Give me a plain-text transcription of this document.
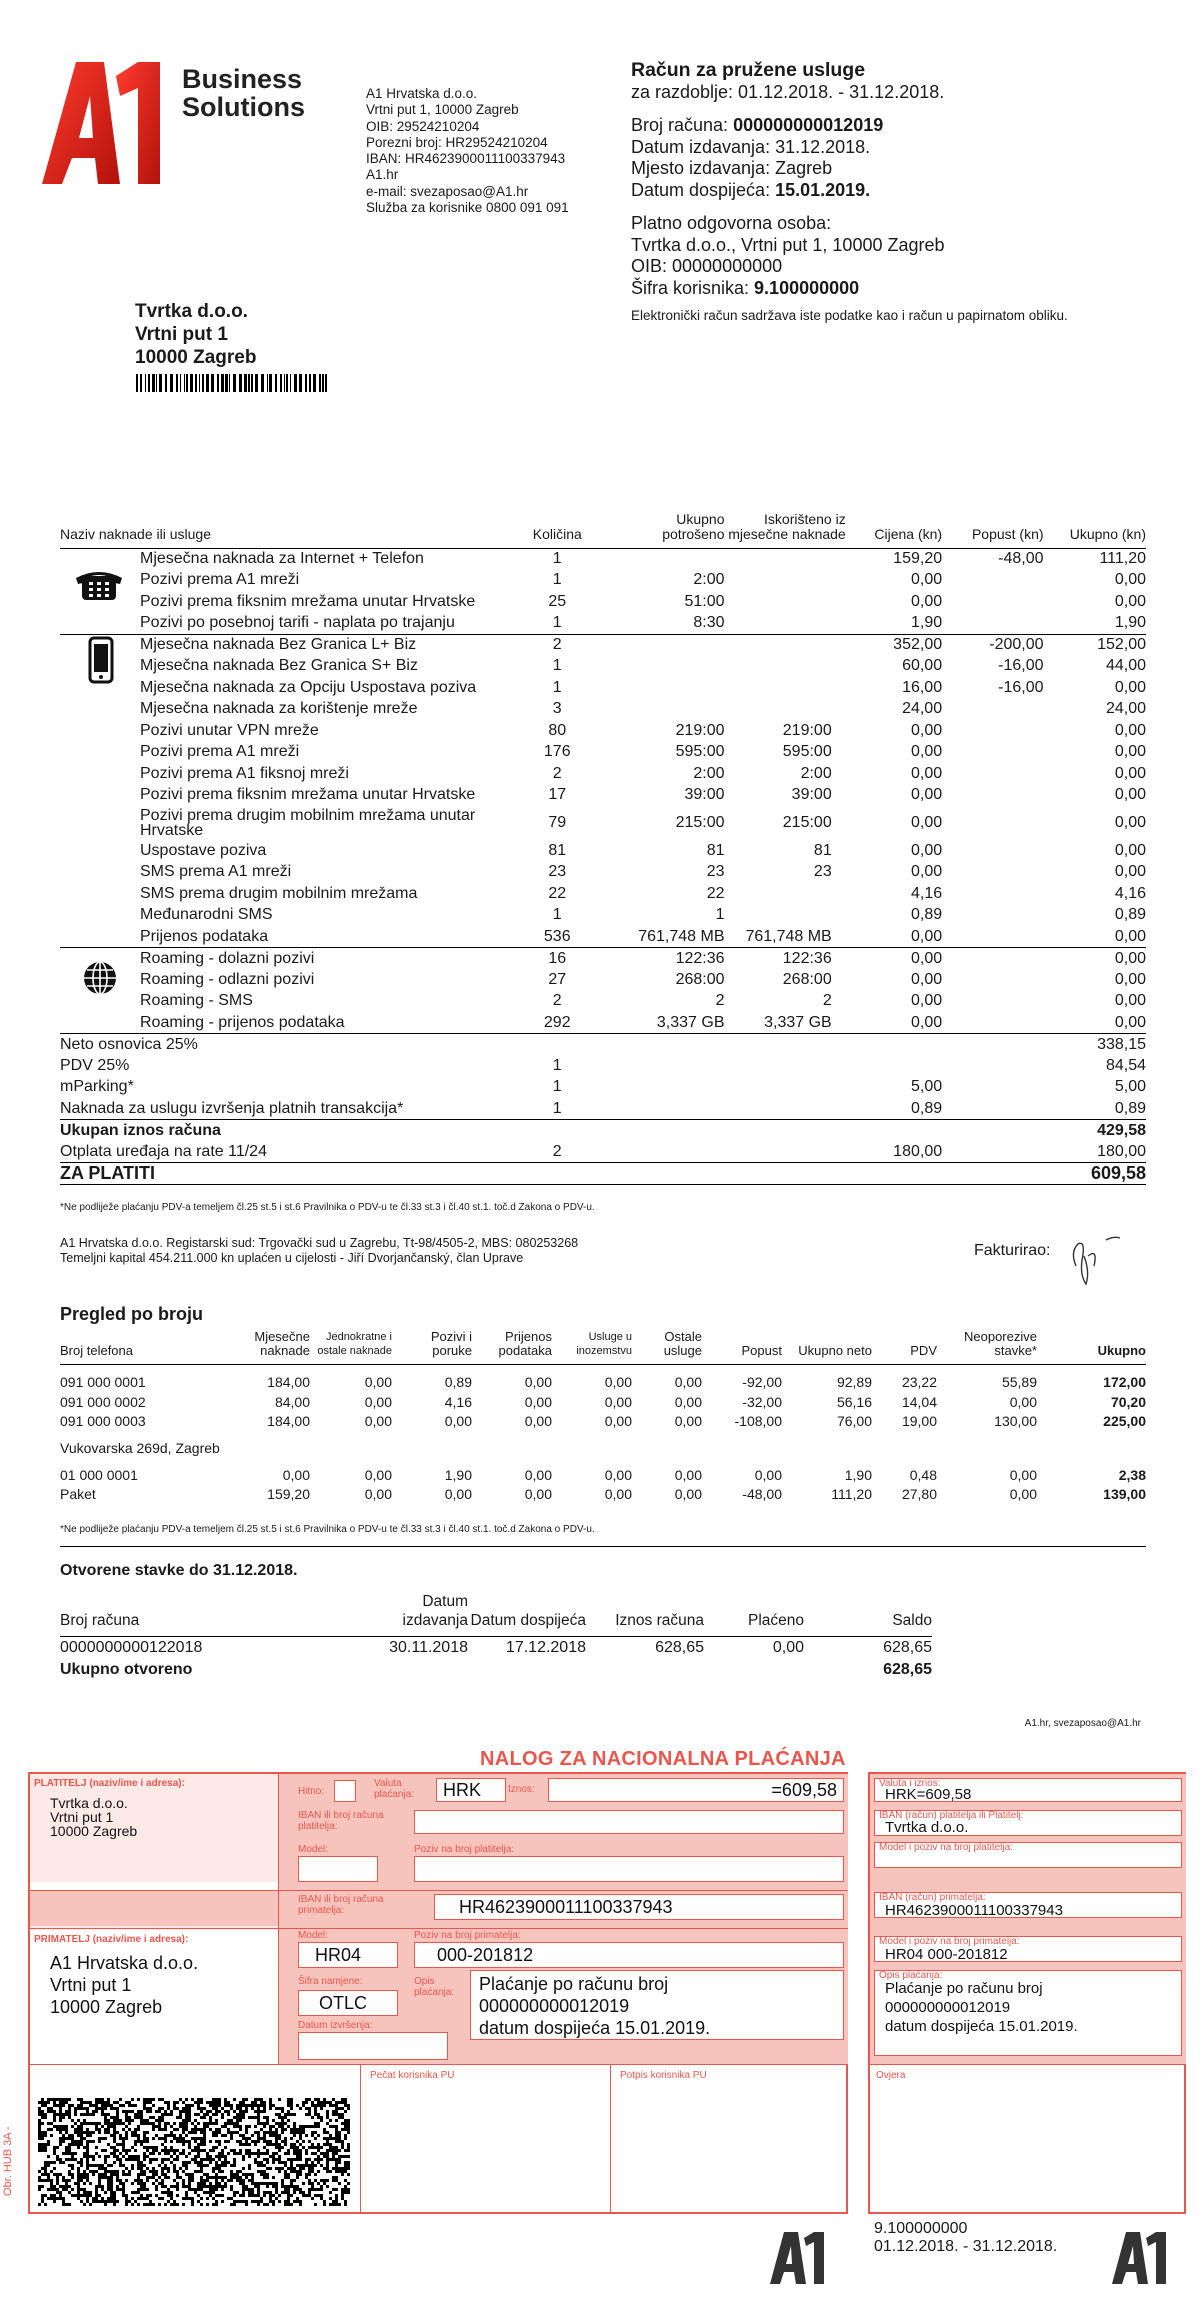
Business
Solutions	A1 Hrvatska d.o.o.
Vrtni put 1, 10000 Zagreb
OIB: 29524210204
Porezni broj: HR29524210204
IBAN: HR4623900011100337943
A1.hr
e-mail: svezaposao@A1.hr
Služba za korisnike 0800 091 091
Račun za pružene usluge
za razdoblje: 01.12.2018. - 31.12.2018.
Broj računa: 000000000012019
Datum izdavanja: 31.12.2018.
Mjesto izdavanja: Zagreb
Datum dospijeća: 15.01.2019.
Platno odgovorna osoba:
Tvrtka d.o.o., Vrtni put 1, 10000 Zagreb
OIB: 00000000000
Šifra korisnika: 9.100000000
Elektronički račun sadržava iste podatke kao i račun u papirnatom obliku.
Tvrtka d.o.o.
Vrtni put 1
10000 Zagreb
Naziv naknade ili usluge	Količina	Ukupno potrošeno	Iskorišteno iz mjesečne naknade	Cijena (kn)	Popust (kn)	Ukupno (kn)
Mjesečna naknada za Internet + Telefon	1			159,20	-48,00	111,20
Pozivi prema A1 mreži	1	2:00		0,00		0,00
Pozivi prema fiksnim mrežama unutar Hrvatske	25	51:00		0,00		0,00
Pozivi po posebnoj tarifi - naplata po trajanju	1	8:30		1,90		1,90
Mjesečna naknada Bez Granica L+ Biz	2			352,00	-200,00	152,00
Mjesečna naknada Bez Granica S+ Biz	1			60,00	-16,00	44,00
Mjesečna naknada za Opciju Uspostava poziva	1			16,00	-16,00	0,00
Mjesečna naknada za korištenje mreže	3			24,00		24,00
Pozivi unutar VPN mreže	80	219:00	219:00	0,00		0,00
Pozivi prema A1 mreži	176	595:00	595:00	0,00		0,00
Pozivi prema A1 fiksnoj mreži	2	2:00	2:00	0,00		0,00
Pozivi prema fiksnim mrežama unutar Hrvatske	17	39:00	39:00	0,00		0,00
Pozivi prema drugim mobilnim mrežama unutar Hrvatske	79	215:00	215:00	0,00		0,00
Uspostave poziva	81	81	81	0,00		0,00
SMS prema A1 mreži	23	23	23	0,00		0,00
SMS prema drugim mobilnim mrežama	22	22		4,16		4,16
Međunarodni SMS	1	1		0,89		0,89
Prijenos podataka	536	761,748 MB	761,748 MB	0,00		0,00
Roaming - dolazni pozivi	16	122:36	122:36	0,00		0,00
Roaming - odlazni pozivi	27	268:00	268:00	0,00		0,00
Roaming - SMS	2	2	2	0,00		0,00
Roaming - prijenos podataka	292	3,337 GB	3,337 GB	0,00		0,00
Neto osnovica 25%						338,15
PDV 25%	1					84,54
mParking*	1			5,00		5,00
Naknada za uslugu izvršenja platnih transakcija*	1			0,89		0,89
Ukupan iznos računa						429,58
Otplata uređaja na rate 11/24	2			180,00		180,00
ZA PLATITI						609,58
*Ne podliježe plaćanju PDV-a temeljem čl.25 st.5 i st.6 Pravilnika o PDV-u te čl.33 st.3 i čl.40 st.1. toč.d Zakona o PDV-u.
A1 Hrvatska d.o.o. Registarski sud: Trgovački sud u Zagrebu, Tt-98/4505-2, MBS: 080253268
Temeljni kapital 454.211.000 kn uplaćen u cijelosti - Jiří Dvorjančanský, član Uprave	Fakturirao:
Pregled po broju
Broj telefona	Mjesečne naknade	Jednokratne i ostale naknade	Pozivi i poruke	Prijenos podataka	Usluge u inozemstvu	Ostale usluge	Popust	Ukupno neto	PDV	Neoporezive stavke*	Ukupno

091 000 0001	184,00	0,00	0,89	0,00	0,00	0,00	-92,00	92,89	23,22	55,89	172,00
091 000 0002	84,00	0,00	4,16	0,00	0,00	0,00	-32,00	56,16	14,04	0,00	70,20
091 000 0003	184,00	0,00	0,00	0,00	0,00	0,00	-108,00	76,00	19,00	130,00	225,00
Vukovarska 269d, Zagreb											
01 000 0001	0,00	0,00	1,90	0,00	0,00	0,00	0,00	1,90	0,48	0,00	2,38
Paket	159,20	0,00	0,00	0,00	0,00	0,00	-48,00	111,20	27,80	0,00	139,00
*Ne podliježe plaćanju PDV-a temeljem čl.25 st.5 i st.6 Pravilnika o PDV-u te čl.33 st.3 i čl.40 st.1. toč.d Zakona o PDV-u.
Otvorene stavke do 31.12.2018.
Broj računa	Datum izdavanja	Datum dospijeća	Iznos računa	Plaćeno	Saldo
0000000000122018	30.11.2018	17.12.2018	628,65	0,00	628,65
Ukupno otvoreno					628,65
A1.hr, svezaposao@A1.hr
NALOG ZA NACIONALNA PLAĆANJA
PLATITELJ (naziv/ime i adresa):
Tvrtka d.o.o.
Vrtni put 1
10000 Zagreb
Hitno:
Valuta plaćanja: HRK	Iznos:	=609,58
IBAN ili broj računa platitelja:
Model:	Poziv na broj platitelja:
IBAN ili broj računa primatelja:	HR4623900011100337943
PRIMATELJ (naziv/ime i adresa):
A1 Hrvatska d.o.o.
Vrtni put 1
10000 Zagreb
Model:
HR04
Poziv na broj primatelja:
000-201812
Šifra namjene:
OTLC
Opis plaćanja: Plaćanje po računu broj
000000000012019
datum dospijeća 15.01.2019.
Datum izvršenja:
Pečat korisnika PU	Potpis korisnika PU
Obr. HUB 3A -
Valuta i iznos:
HRK=609,58
IBAN (račun) platitelja ili Platitelj:
Tvrtka d.o.o.
Model i poziv na broj platitelja:
IBAN (račun) primatelja:
HR4623900011100337943
Model i poziv na broj primatelja:
HR04 000-201812
Opis plaćanja:
Plaćanje po računu broj
000000000012019
datum dospijeća 15.01.2019.
Ovjera
9.100000000
01.12.2018. - 31.12.2018.
